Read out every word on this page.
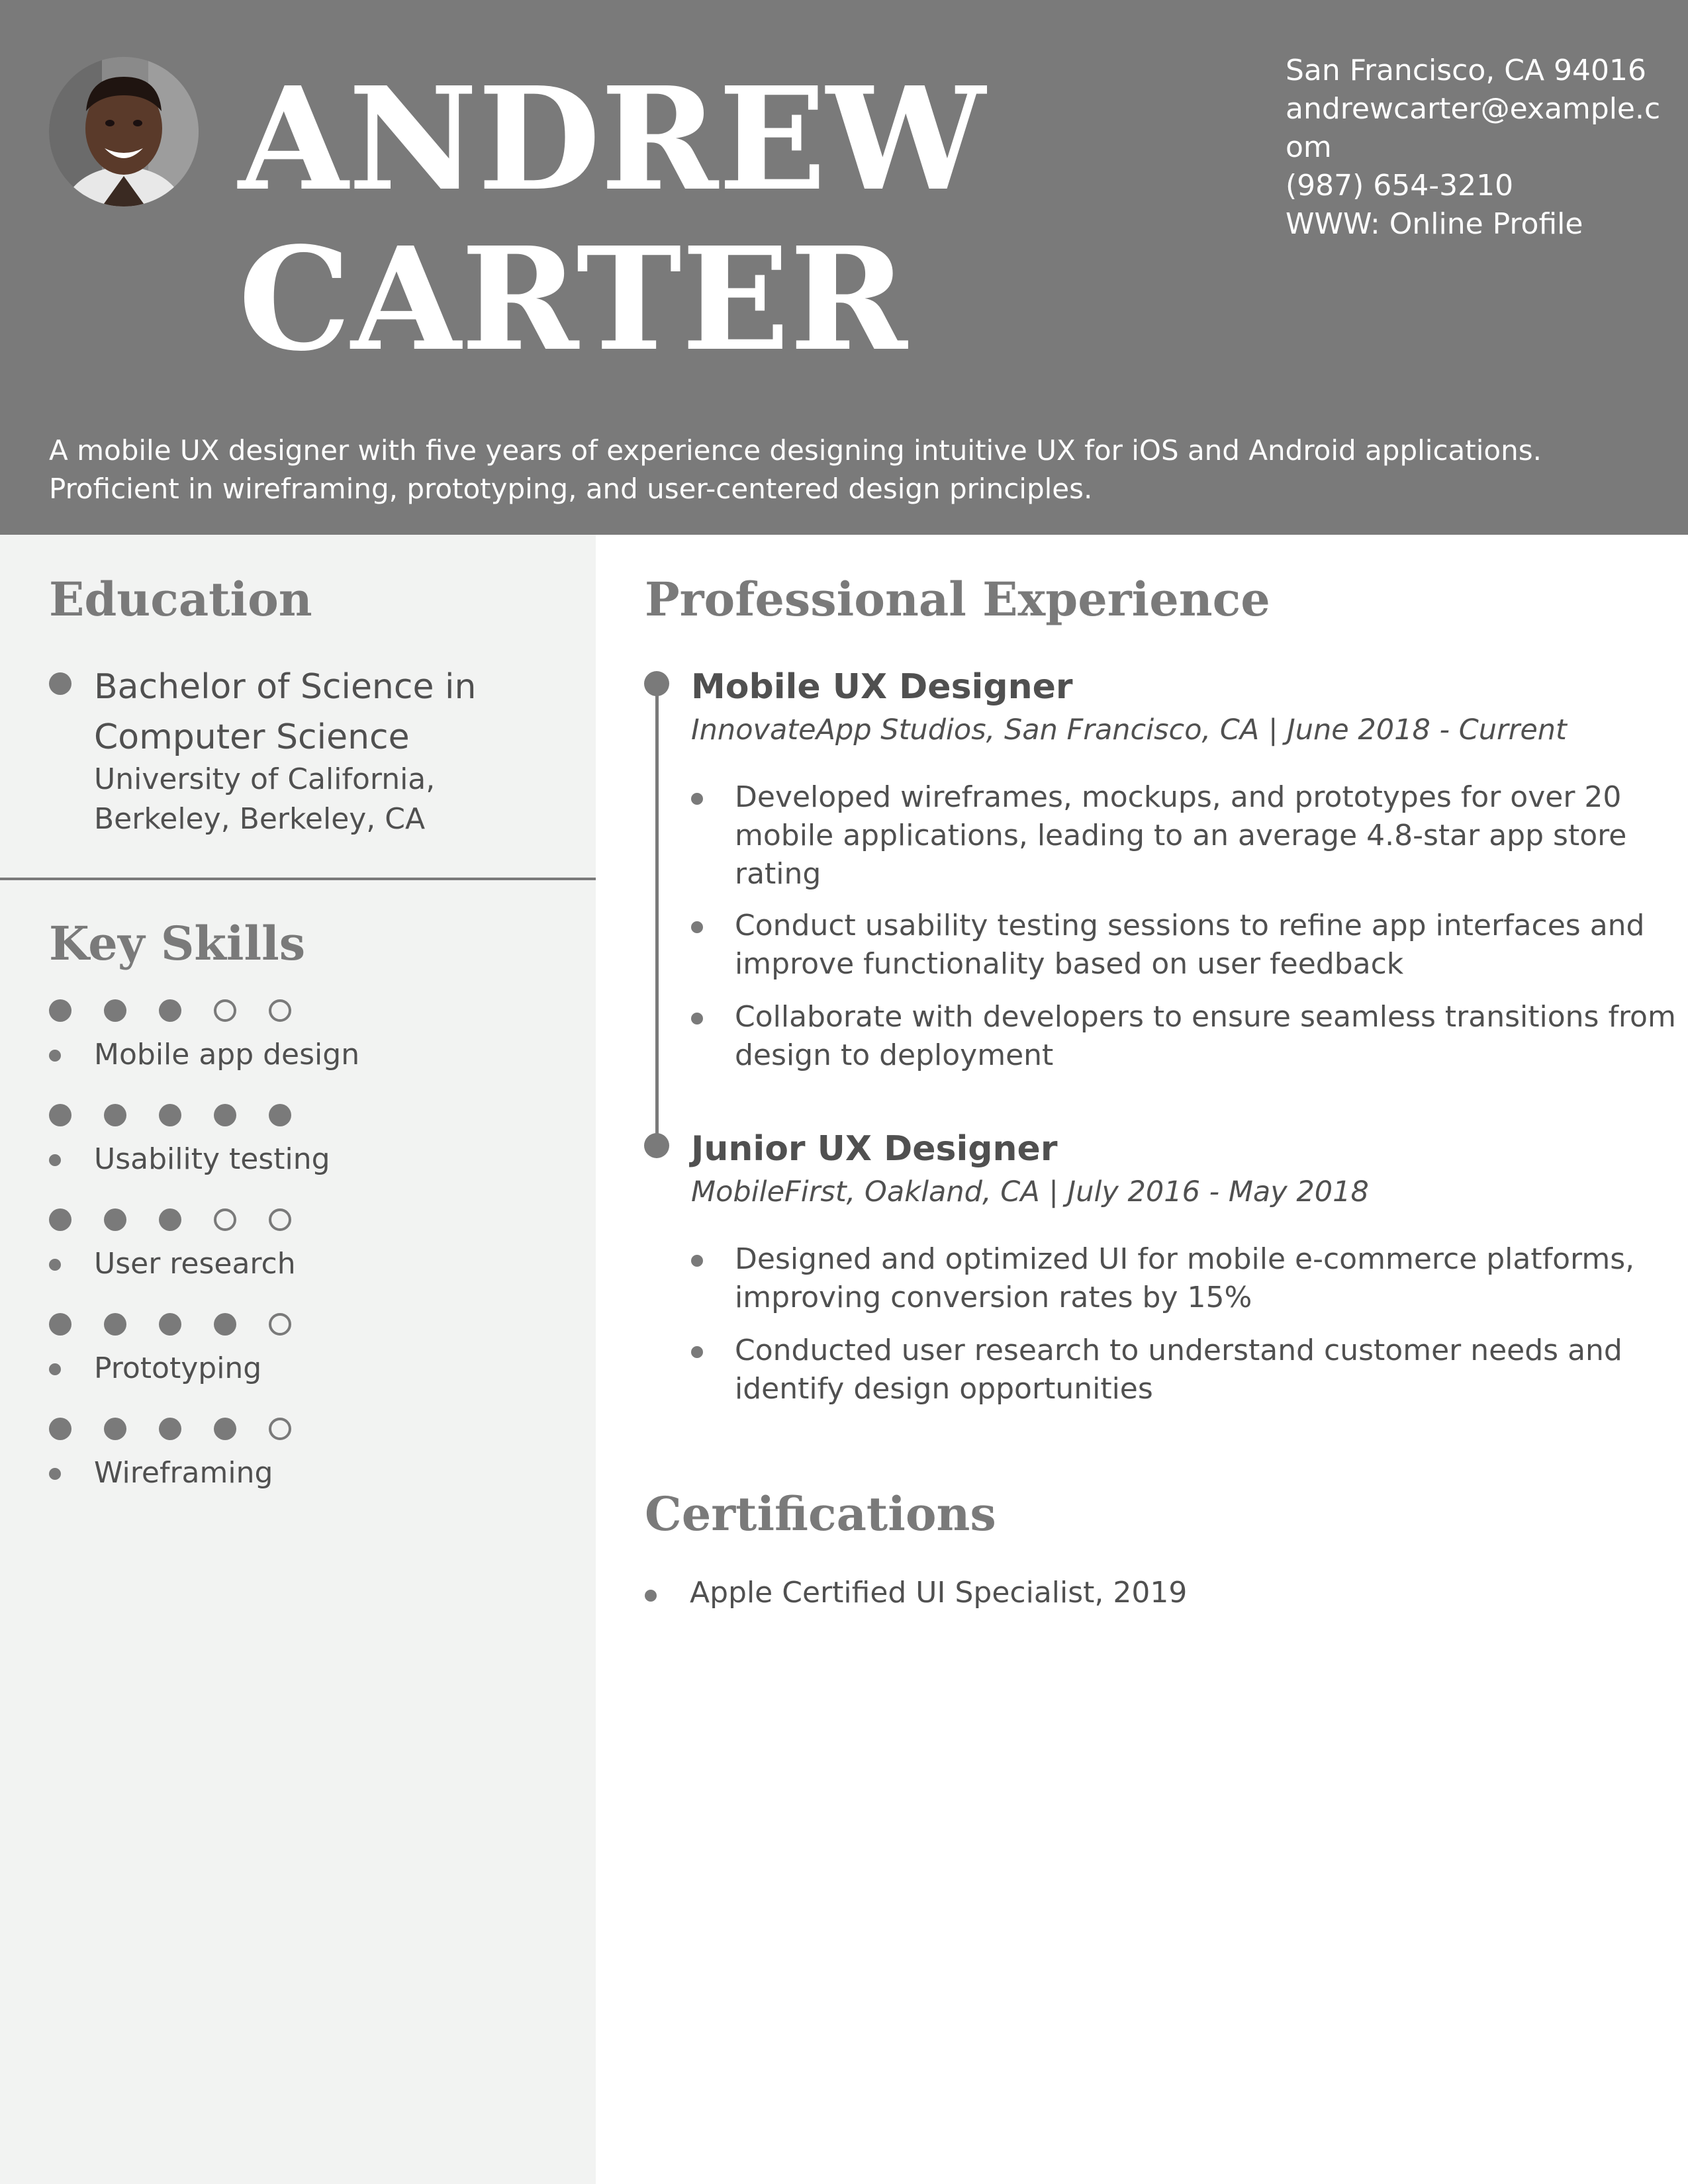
ANDREW
CARTER
San Francisco, CA 94016
andrewcarter@example.c
om
(987) 654-3210
WWW: Online Profile
A mobile UX designer with five years of experience designing intuitive UX for iOS and Android applications.
Proficient in wireframing, prototyping, and user-centered design principles.
Education
Bachelor of Science in
Computer Science
University of California,
Berkeley, Berkeley, CA
Key Skills
Mobile app design
Usability testing
User research
Prototyping
Wireframing
Professional Experience
Mobile UX Designer
InnovateApp Studios, San Francisco, CA | June 2018 - Current
Developed wireframes, mockups, and prototypes for over 20
mobile applications, leading to an average 4.8-star app store
rating
Conduct usability testing sessions to refine app interfaces and
improve functionality based on user feedback
Collaborate with developers to ensure seamless transitions from
design to deployment
Junior UX Designer
MobileFirst, Oakland, CA | July 2016 - May 2018
Designed and optimized UI for mobile e-commerce platforms,
improving conversion rates by 15%
Conducted user research to understand customer needs and
identify design opportunities
Certifications
Apple Certified UI Specialist, 2019
